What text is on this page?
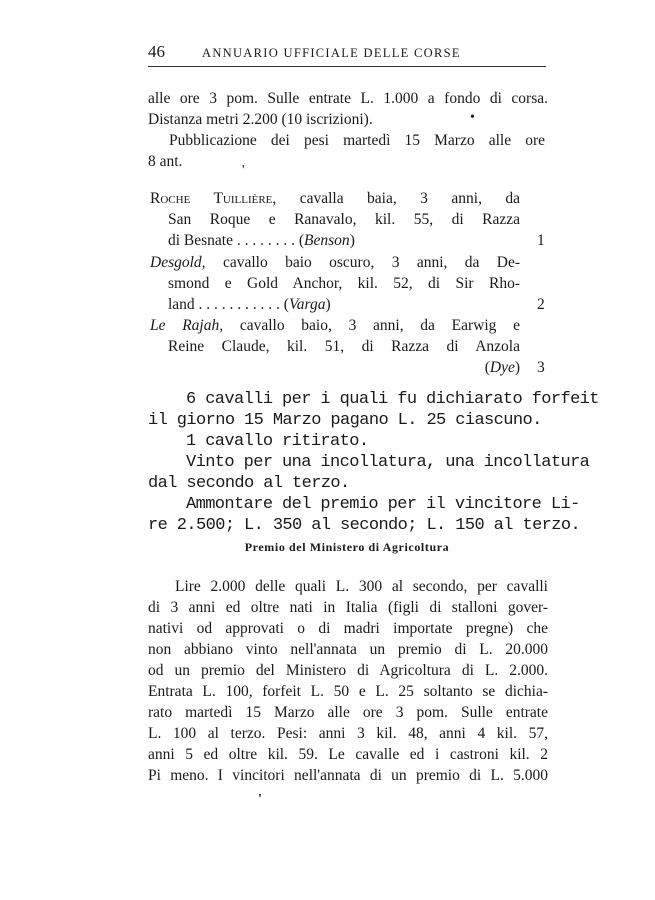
46	ANNUARIO UFFICIALE DELLE CORSE

alle ore 3 pom. Sulle entrate L. 1.000 a fondo di corsa.

Distanza metri 2.200 (10 iscrizioni).

Pubblicazione dei pesi martedì 15 Marzo alle ore

8 ant.

•
'

Roche Tuillière, cavalla baia, 3 anni, da

San Roque e Ranavalo, kil. 55, di Razza

di Besnate . . . . . . . . (Benson)	1

Desgold, cavallo baio oscuro, 3 anni, da De-

smond e Gold Anchor, kil. 52, di Sir Rho-

land . . . . . . . . . . . (Varga)	2

Le Rajah, cavallo baio, 3 anni, da Earwig e

Reine Claude, kil. 51, di Razza di Anzola

(Dye) 3

6 cavalli per i quali fu dichiarato forfeit

il giorno 15 Marzo pagano L. 25 ciascuno.

1 cavallo ritirato.

Vinto per una incollatura, una incollatura

dal secondo al terzo.

Ammontare del premio per il vincitore Li-

re 2.500; L. 350 al secondo; L. 150 al terzo.

Premio del Ministero di Agricoltura

Lire 2.000 delle quali L. 300 al secondo, per cavalli

di 3 anni ed oltre nati in Italia (figli di stalloni gover-

nativi od approvati o di madri importate pregne) che

non abbiano vinto nell'annata un premio di L. 20.000

od un premio del Ministero di Agricoltura di L. 2.000.

Entrata L. 100, forfeit L. 50 e L. 25 soltanto se dichia-

rato martedì 15 Marzo alle ore 3 pom. Sulle entrate

L. 100 al terzo. Pesi: anni 3 kil. 48, anni 4 kil. 57,

anni 5 ed oltre kil. 59. Le cavalle ed i castroni kil. 2

Pi meno. I vincitori nell'annata di un premio di L. 5.000

'
